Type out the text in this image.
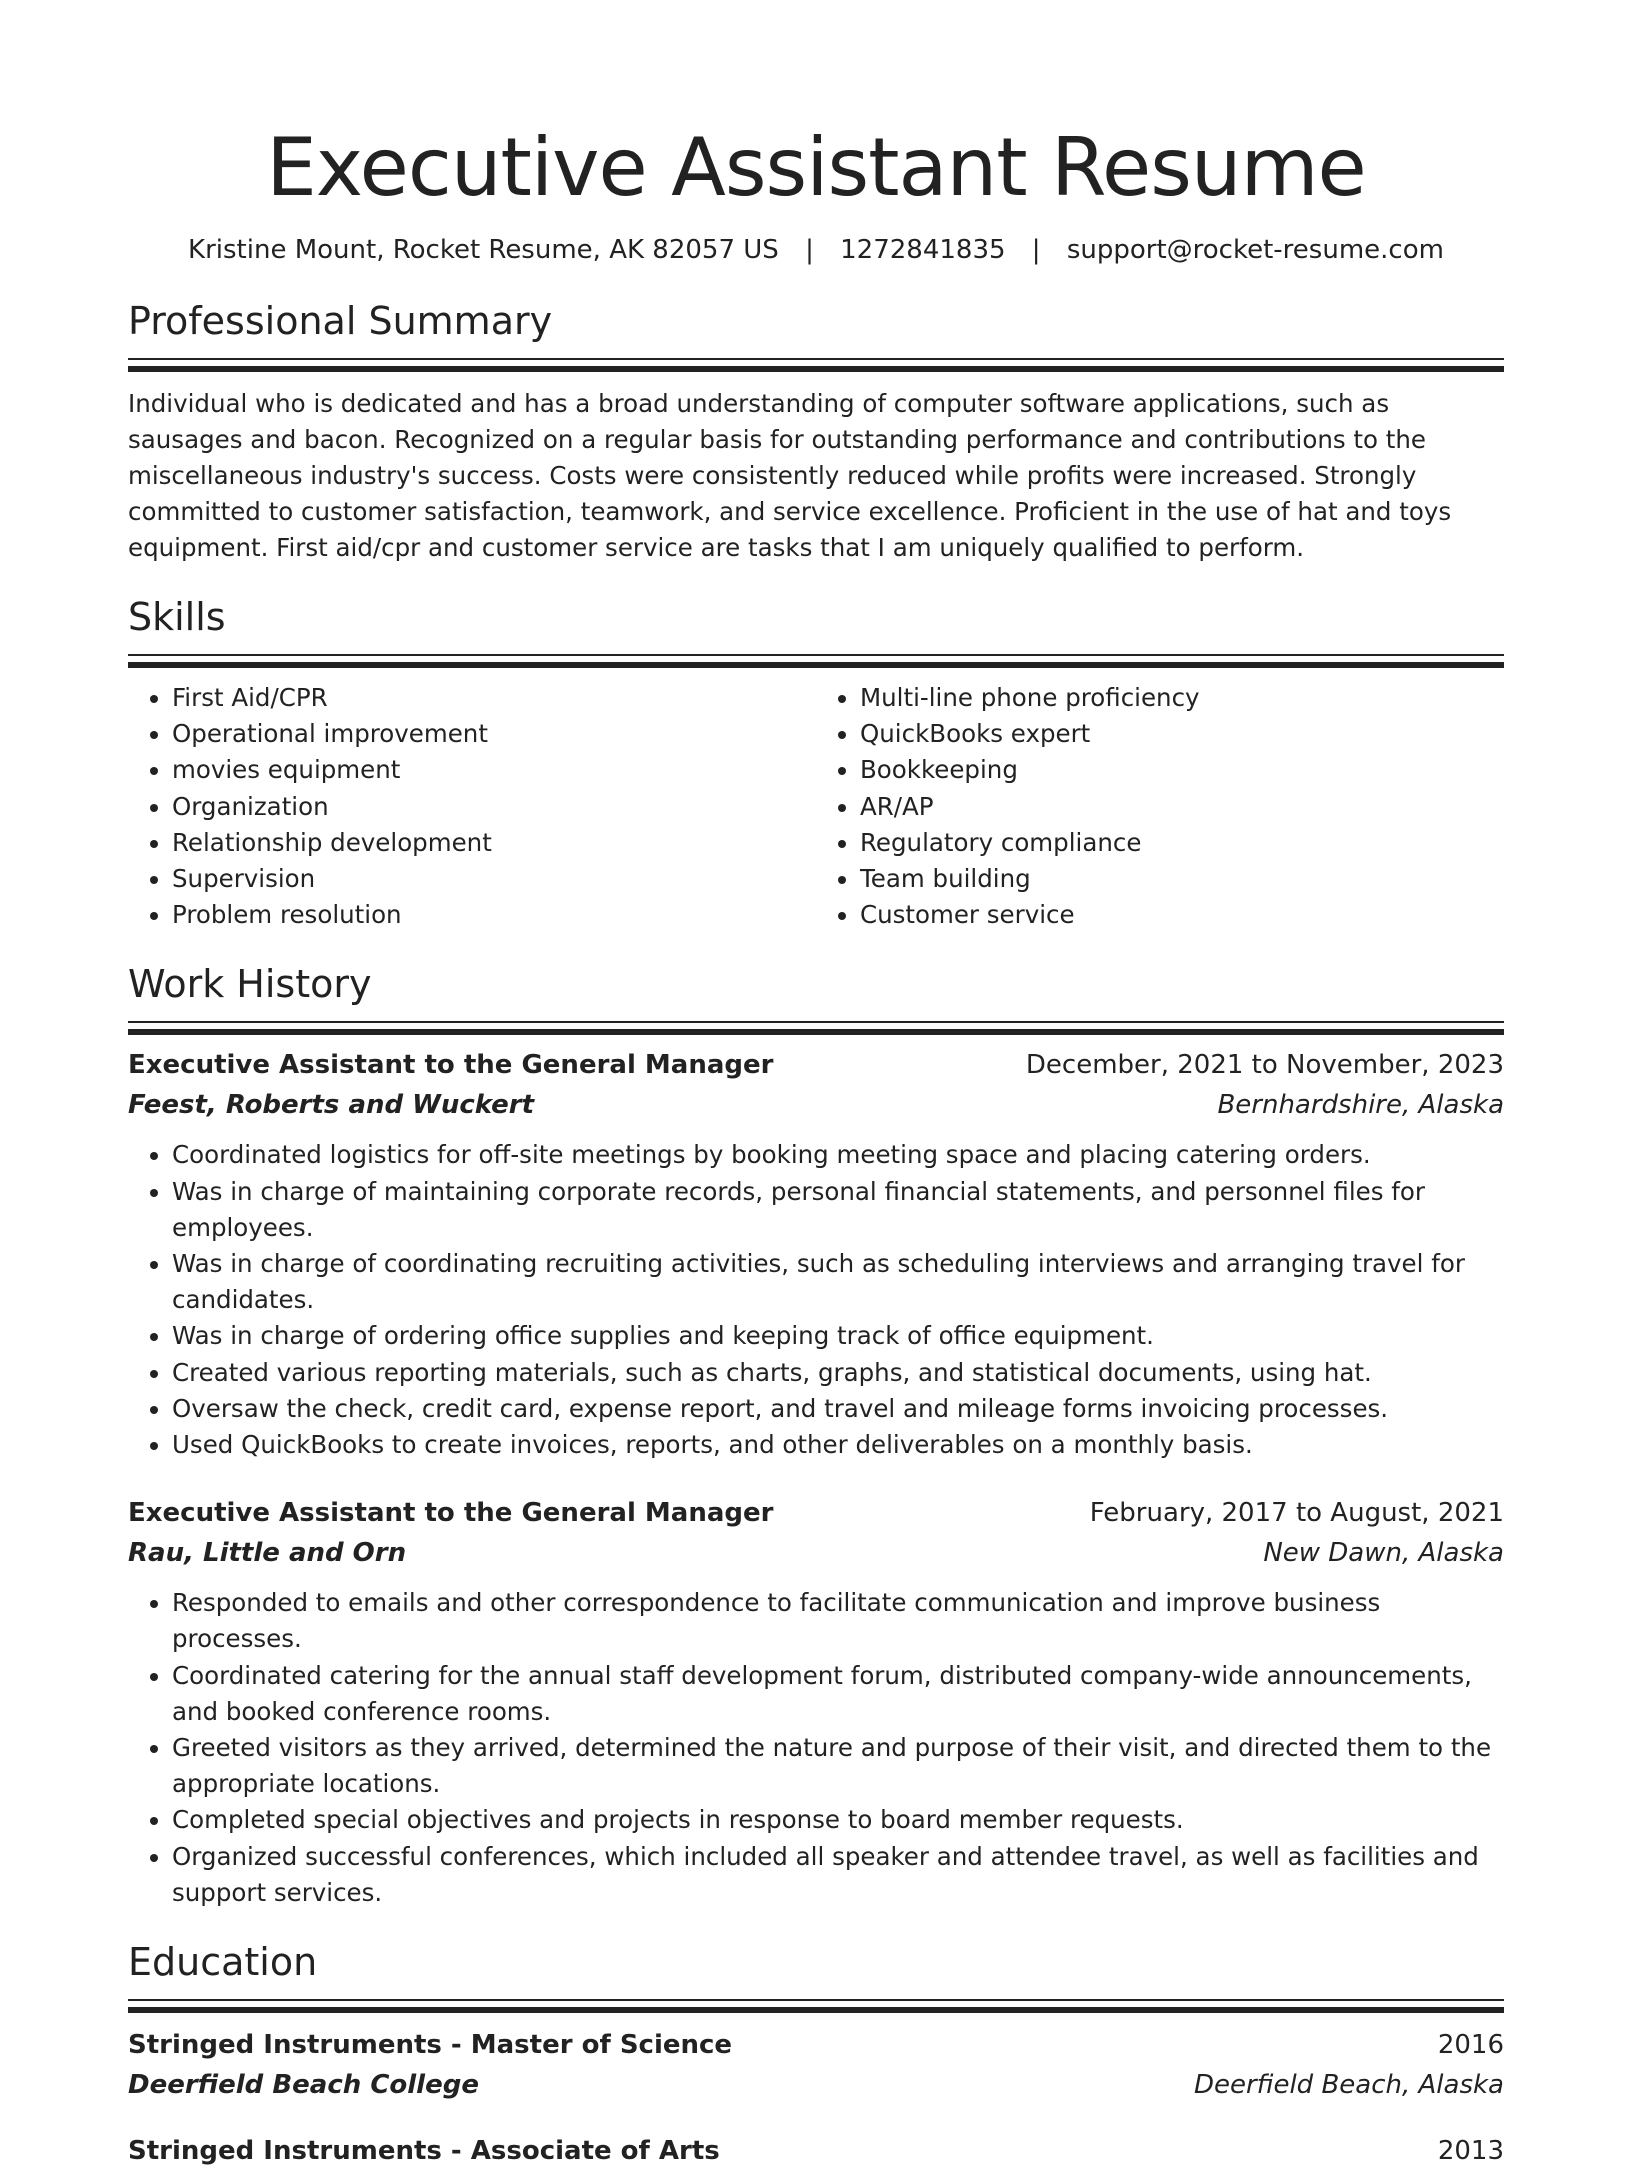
Executive Assistant Resume
Kristine Mount, Rocket Resume, AK 82057 US | 1272841835 | support@rocket-resume.com
Professional Summary
Individual who is dedicated and has a broad understanding of computer software applications, such as sausages and bacon. Recognized on a regular basis for outstanding performance and contributions to the miscellaneous industry's success. Costs were consistently reduced while profits were increased. Strongly committed to customer satisfaction, teamwork, and service excellence. Proficient in the use of hat and toys equipment. First aid/cpr and customer service are tasks that I am uniquely qualified to perform.
Skills
• First Aid/CPR
• Operational improvement
• movies equipment
• Organization
• Relationship development
• Supervision
• Problem resolution
• Multi-line phone proficiency
• QuickBooks expert
• Bookkeeping
• AR/AP
• Regulatory compliance
• Team building
• Customer service
Work History
Executive Assistant to the General Manager	December, 2021 to November, 2023
Feest, Roberts and Wuckert	Bernhardshire, Alaska
• Coordinated logistics for off-site meetings by booking meeting space and placing catering orders.
• Was in charge of maintaining corporate records, personal financial statements, and personnel files for employees.
• Was in charge of coordinating recruiting activities, such as scheduling interviews and arranging travel for candidates.
• Was in charge of ordering office supplies and keeping track of office equipment.
• Created various reporting materials, such as charts, graphs, and statistical documents, using hat.
• Oversaw the check, credit card, expense report, and travel and mileage forms invoicing processes.
• Used QuickBooks to create invoices, reports, and other deliverables on a monthly basis.
Executive Assistant to the General Manager	February, 2017 to August, 2021
Rau, Little and Orn	New Dawn, Alaska
• Responded to emails and other correspondence to facilitate communication and improve business processes.
• Coordinated catering for the annual staff development forum, distributed company-wide announcements, and booked conference rooms.
• Greeted visitors as they arrived, determined the nature and purpose of their visit, and directed them to the appropriate locations.
• Completed special objectives and projects in response to board member requests.
• Organized successful conferences, which included all speaker and attendee travel, as well as facilities and support services.
Education
Stringed Instruments - Master of Science	2016
Deerfield Beach College	Deerfield Beach, Alaska
Stringed Instruments - Associate of Arts	2013
